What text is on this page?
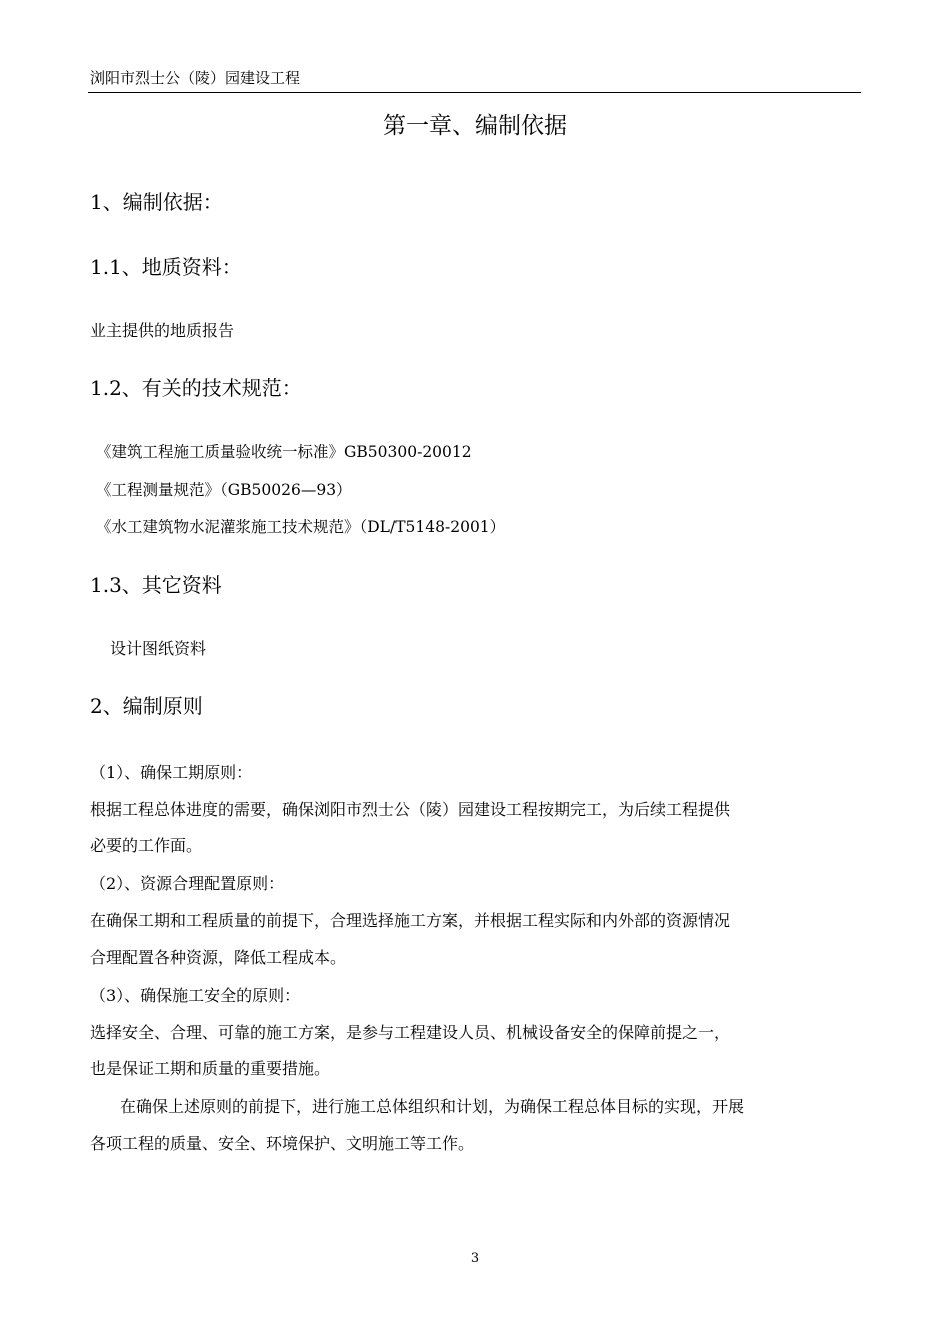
浏阳市烈士公（陵）园建设工程
第一章、编制依据
1、编制依据：
1.1、地质资料：
业主提供的地质报告
1.2、有关的技术规范：
《建筑工程施工质量验收统一标准》GB50300-20012
《工程测量规范》（GB50026—93）
《水工建筑物水泥灌浆施工技术规范》（DL/T5148-2001）
1.3、其它资料
设计图纸资料
2、编制原则
（1）、确保工期原则：
根据工程总体进度的需要，确保浏阳市烈士公（陵）园建设工程按期完工，为后续工程提供
必要的工作面。
（2）、资源合理配置原则：
在确保工期和工程质量的前提下，合理选择施工方案，并根据工程实际和内外部的资源情况
合理配置各种资源，降低工程成本。
（3）、确保施工安全的原则：
选择安全、合理、可靠的施工方案，是参与工程建设人员、机械设备安全的保障前提之一，
也是保证工期和质量的重要措施。
在确保上述原则的前提下，进行施工总体组织和计划，为确保工程总体目标的实现，开展
各项工程的质量、安全、环境保护、文明施工等工作。
3
